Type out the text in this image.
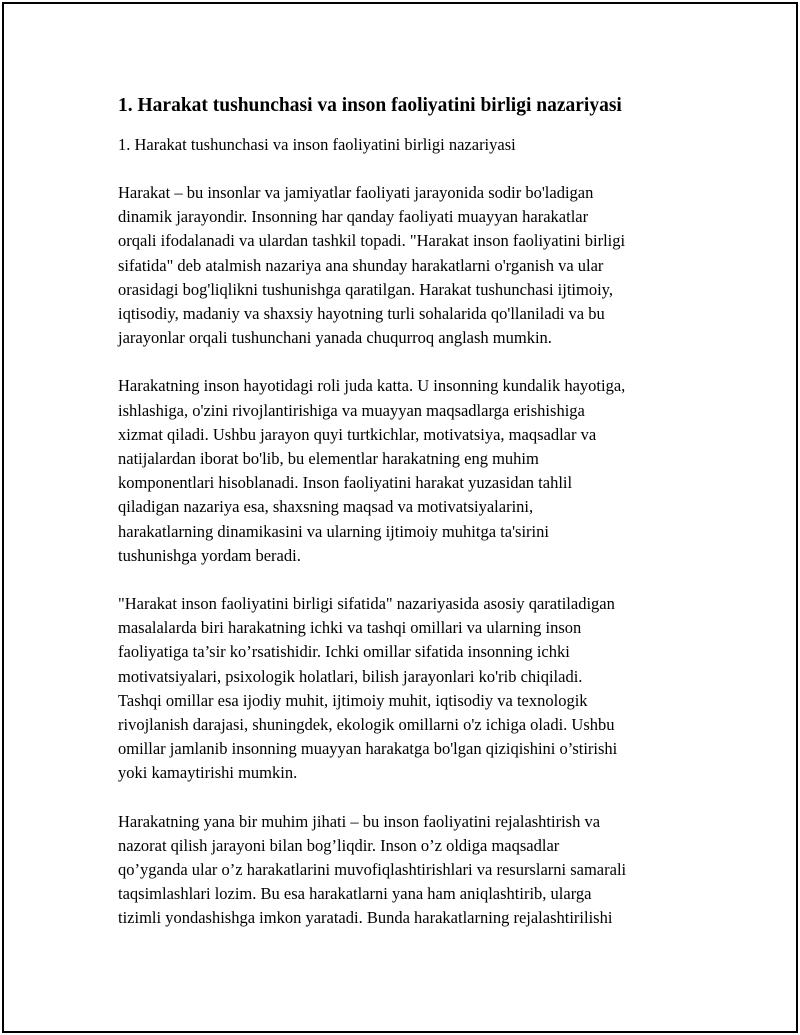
1. Harakat tushunchasi va inson faoliyatini birligi nazariyasi

1. Harakat tushunchasi va inson faoliyatini birligi nazariyasi

Harakat – bu insonlar va jamiyatlar faoliyati jarayonida sodir bo'ladigan
dinamik jarayondir. Insonning har qanday faoliyati muayyan harakatlar
orqali ifodalanadi va ulardan tashkil topadi. "Harakat inson faoliyatini birligi
sifatida" deb atalmish nazariya ana shunday harakatlarni o'rganish va ular
orasidagi bog'liqlikni tushunishga qaratilgan. Harakat tushunchasi ijtimoiy,
iqtisodiy, madaniy va shaxsiy hayotning turli sohalarida qo'llaniladi va bu
jarayonlar orqali tushunchani yanada chuqurroq anglash mumkin.

Harakatning inson hayotidagi roli juda katta. U insonning kundalik hayotiga,
ishlashiga, o'zini rivojlantirishiga va muayyan maqsadlarga erishishiga
xizmat qiladi. Ushbu jarayon quyi turtkichlar, motivatsiya, maqsadlar va
natijalardan iborat bo'lib, bu elementlar harakatning eng muhim
komponentlari hisoblanadi. Inson faoliyatini harakat yuzasidan tahlil
qiladigan nazariya esa, shaxsning maqsad va motivatsiyalarini,
harakatlarning dinamikasini va ularning ijtimoiy muhitga ta'sirini
tushunishga yordam beradi.

"Harakat inson faoliyatini birligi sifatida" nazariyasida asosiy qaratiladigan
masalalarda biri harakatning ichki va tashqi omillari va ularning inson
faoliyatiga ta’sir ko’rsatishidir. Ichki omillar sifatida insonning ichki
motivatsiyalari, psixologik holatlari, bilish jarayonlari ko'rib chiqiladi.
Tashqi omillar esa ijodiy muhit, ijtimoiy muhit, iqtisodiy va texnologik
rivojlanish darajasi, shuningdek, ekologik omillarni o'z ichiga oladi. Ushbu
omillar jamlanib insonning muayyan harakatga bo'lgan qiziqishini o’stirishi
yoki kamaytirishi mumkin.

Harakatning yana bir muhim jihati – bu inson faoliyatini rejalashtirish va
nazorat qilish jarayoni bilan bog’liqdir. Inson o’z oldiga maqsadlar
qo’yganda ular o’z harakatlarini muvofiqlashtirishlari va resurslarni samarali
taqsimlashlari lozim. Bu esa harakatlarni yana ham aniqlashtirib, ularga
tizimli yondashishga imkon yaratadi. Bunda harakatlarning rejalashtirilishi
